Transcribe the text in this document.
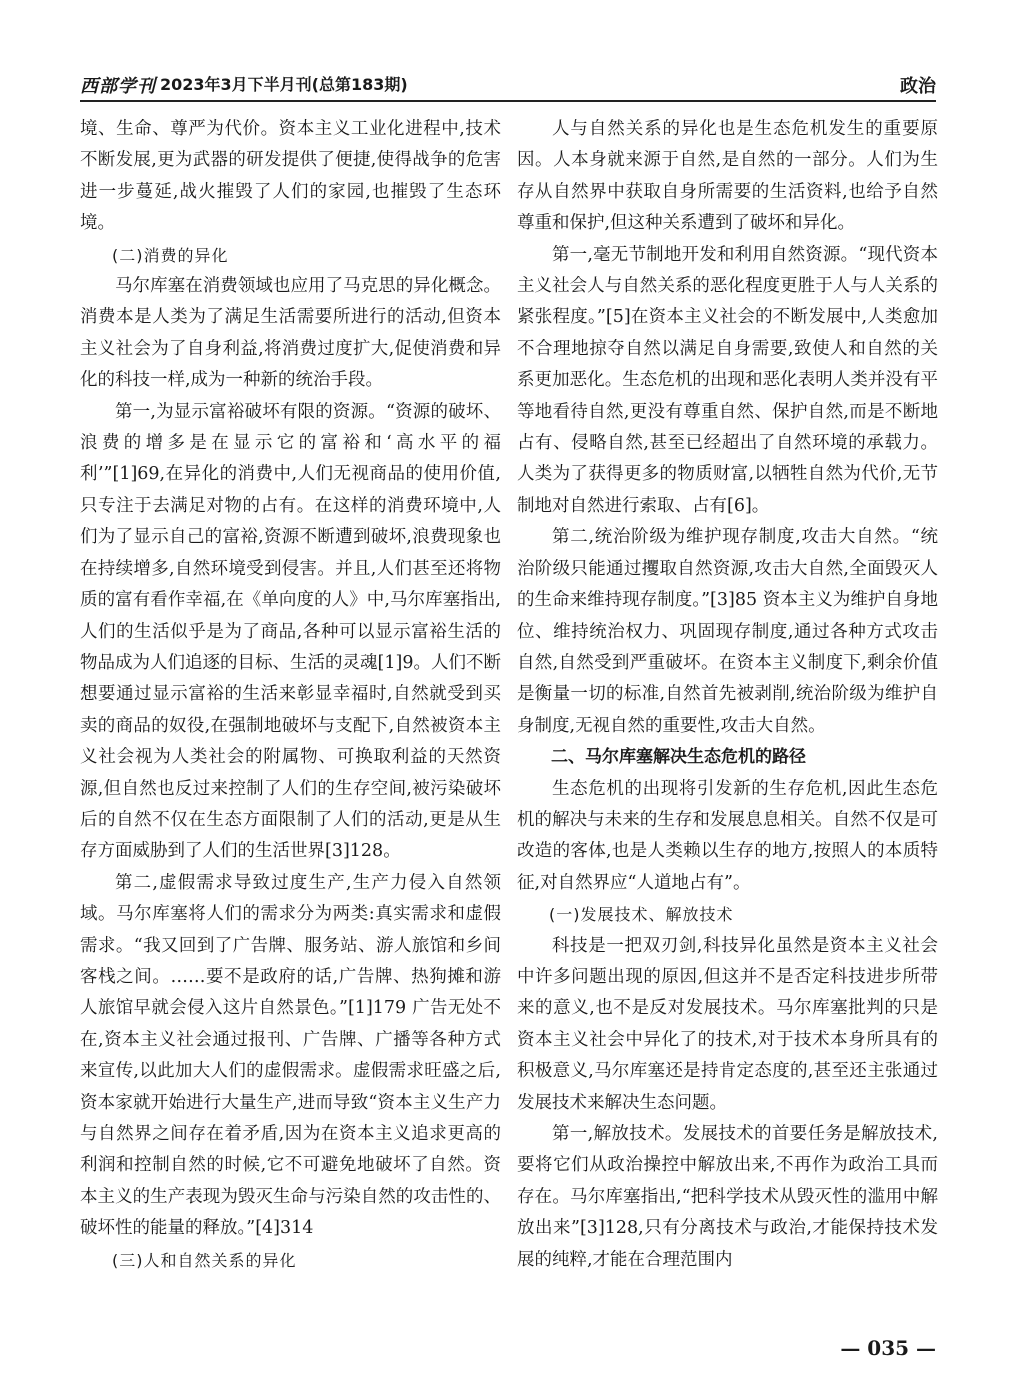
西部学刊 2023年3月下半月刊(总第183期)	政治

境、生命、尊严为代价。资本主义工业化进程中,技术不断发展,更为武器的研发提供了便捷,使得战争的危害进一步蔓延,战火摧毁了人们的家园,也摧毁了生态环境。

(二)消费的异化

马尔库塞在消费领域也应用了马克思的异化概念。消费本是人类为了满足生活需要所进行的活动,但资本主义社会为了自身利益,将消费过度扩大,促使消费和异化的科技一样,成为一种新的统治手段。

第一,为显示富裕破坏有限的资源。“资源的破坏、浪费的增多是在显示它的富裕和‘高水平的福利’”[1]69,在异化的消费中,人们无视商品的使用价值,只专注于去满足对物的占有。在这样的消费环境中,人们为了显示自己的富裕,资源不断遭到破坏,浪费现象也在持续增多,自然环境受到侵害。并且,人们甚至还将物质的富有看作幸福,在《单向度的人》中,马尔库塞指出,人们的生活似乎是为了商品,各种可以显示富裕生活的物品成为人们追逐的目标、生活的灵魂[1]9。人们不断想要通过显示富裕的生活来彰显幸福时,自然就受到买卖的商品的奴役,在强制地破坏与支配下,自然被资本主义社会视为人类社会的附属物、可换取利益的天然资源,但自然也反过来控制了人们的生存空间,被污染破坏后的自然不仅在生态方面限制了人们的活动,更是从生存方面威胁到了人们的生活世界[3]128。

第二,虚假需求导致过度生产,生产力侵入自然领域。马尔库塞将人们的需求分为两类:真实需求和虚假需求。“我又回到了广告牌、服务站、游人旅馆和乡间客栈之间。……要不是政府的话,广告牌、热狗摊和游人旅馆早就会侵入这片自然景色。”[1]179 广告无处不在,资本主义社会通过报刊、广告牌、广播等各种方式来宣传,以此加大人们的虚假需求。虚假需求旺盛之后,资本家就开始进行大量生产,进而导致“资本主义生产力与自然界之间存在着矛盾,因为在资本主义追求更高的利润和控制自然的时候,它不可避免地破坏了自然。资本主义的生产表现为毁灭生命与污染自然的攻击性的、破坏性的能量的释放。”[4]314

(三)人和自然关系的异化

人与自然关系的异化也是生态危机发生的重要原因。人本身就来源于自然,是自然的一部分。人们为生存从自然界中获取自身所需要的生活资料,也给予自然尊重和保护,但这种关系遭到了破坏和异化。

第一,毫无节制地开发和利用自然资源。“现代资本主义社会人与自然关系的恶化程度更胜于人与人关系的紧张程度。”[5]在资本主义社会的不断发展中,人类愈加不合理地掠夺自然以满足自身需要,致使人和自然的关系更加恶化。生态危机的出现和恶化表明人类并没有平等地看待自然,更没有尊重自然、保护自然,而是不断地占有、侵略自然,甚至已经超出了自然环境的承载力。人类为了获得更多的物质财富,以牺牲自然为代价,无节制地对自然进行索取、占有[6]。

第二,统治阶级为维护现存制度,攻击大自然。“统治阶级只能通过攫取自然资源,攻击大自然,全面毁灭人的生命来维持现存制度。”[3]85 资本主义为维护自身地位、维持统治权力、巩固现存制度,通过各种方式攻击自然,自然受到严重破坏。在资本主义制度下,剩余价值是衡量一切的标准,自然首先被剥削,统治阶级为维护自身制度,无视自然的重要性,攻击大自然。

二、马尔库塞解决生态危机的路径

生态危机的出现将引发新的生存危机,因此生态危机的解决与未来的生存和发展息息相关。自然不仅是可改造的客体,也是人类赖以生存的地方,按照人的本质特征,对自然界应“人道地占有”。

(一)发展技术、解放技术

科技是一把双刃剑,科技异化虽然是资本主义社会中许多问题出现的原因,但这并不是否定科技进步所带来的意义,也不是反对发展技术。马尔库塞批判的只是资本主义社会中异化了的技术,对于技术本身所具有的积极意义,马尔库塞还是持肯定态度的,甚至还主张通过发展技术来解决生态问题。

第一,解放技术。发展技术的首要任务是解放技术,要将它们从政治操控中解放出来,不再作为政治工具而存在。马尔库塞指出,“把科学技术从毁灭性的滥用中解放出来”[3]128,只有分离技术与政治,才能保持技术发展的纯粹,才能在合理范围内

— 035 —
